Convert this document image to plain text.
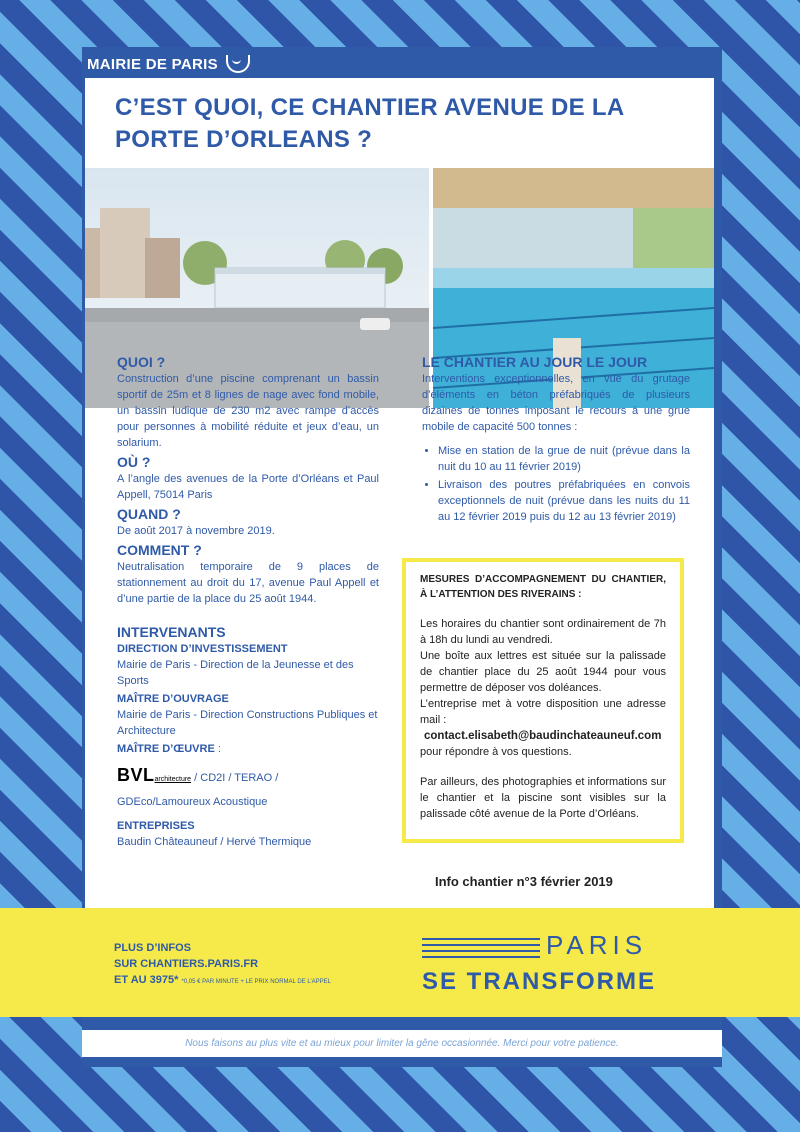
MAIRIE DE PARIS
C’EST QUOI, CE CHANTIER AVENUE DE LA PORTE D’ORLEANS ?
QUOI ?

Construction d’une piscine comprenant un bassin sportif de 25m et 8 lignes de nage avec fond mobile, un bassin ludique de 230 m2 avec rampe d’accès pour personnes à mobilité réduite et jeux d’eau, un solarium.

OÙ ?

A l’angle des avenues de la Porte d’Orléans et Paul Appell, 75014 Paris

QUAND ?

De août 2017 à novembre 2019.

COMMENT ?

Neutralisation temporaire de 9 places de stationnement au droit du 17, avenue Paul Appell et d’une partie de la place du 25 août 1944.

INTERVENANTS

DIRECTION D’INVESTISSEMENT

Mairie de Paris - Direction de la Jeunesse et des Sports

MAÎTRE D’OUVRAGE

Mairie de Paris - Direction Constructions Publiques et Architecture

MAÎTRE D’ŒUVRE :

BVLarchitecture / CD2I / TERAO /

GDEco/Lamoureux Acoustique

ENTREPRISES

Baudin Châteauneuf / Hervé Thermique

LE CHANTIER AU JOUR LE JOUR

Interventions exceptionnelles, en vue du grutage d’éléments en béton préfabriqués de plusieurs dizaines de tonnes imposant le recours à une grue mobile de capacité 500 tonnes :

• Mise en station de la grue de nuit (prévue dans la nuit du 10 au 11 février 2019)
• Livraison des poutres préfabriquées en convois exceptionnels de nuit (prévue dans les nuits du 11 au 12 février 2019 puis du 12 au 13 février 2019)

MESURES D’ACCOMPAGNEMENT DU CHANTIER, À L’ATTENTION DES RIVERAINS :

Les horaires du chantier sont ordinairement de 7h à 18h du lundi au vendredi.

Une boîte aux lettres est située sur la palissade de chantier place du 25 août 1944 pour vous permettre de déposer vos doléances.

L’entreprise met à votre disposition une adresse mail :

contact.elisabeth@baudinchateauneuf.com

pour répondre à vos questions.

Par ailleurs, des photographies et informations sur le chantier et la piscine sont visibles sur la palissade côté avenue de la Porte d’Orléans.

Info chantier n°3 février 2019
PLUS D’INFOS
SUR CHANTIERS.PARIS.FR
ET AU 3975* *0,05 € PAR MINUTE + LE PRIX NORMAL DE L’APPEL
PARIS
SE TRANSFORME
Nous faisons au plus vite et au mieux pour limiter la gêne occasionnée. Merci pour votre patience.
